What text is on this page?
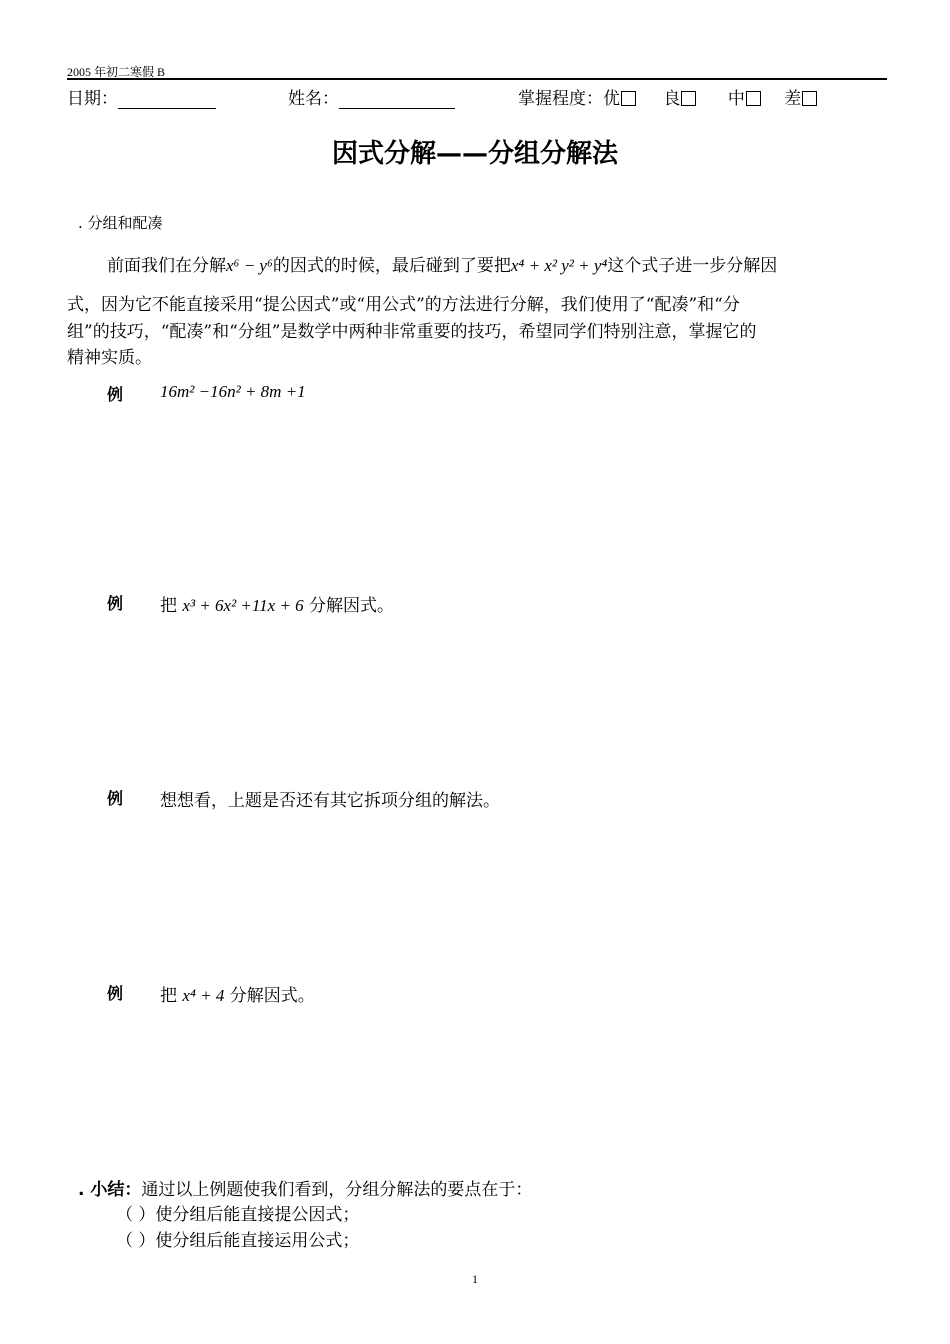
2005 年初二寒假 B
日期：	姓名：	掌握程度：优	良	中 差
因式分解——分组分解法
. 分组和配凑
前面我们在分解x⁶ − y⁶的因式的时候，最后碰到了要把x⁴ + x² y² + y⁴这个式子进一步分解因
式，因为它不能直接采用“提公因式”或“用公式”的方法进行分解，我们使用了“配凑”和“分
组”的技巧，“配凑”和“分组”是数学中两种非常重要的技巧，希望同学们特别注意，掌握它的
精神实质。
例 16m² −16n² + 8m +1
例 把 x³ + 6x² +11x + 6 分解因式。
例 想想看，上题是否还有其它拆项分组的解法。
例 把 x⁴ + 4 分解因式。
. 小结：通过以上例题使我们看到，分组分解法的要点在于：
（ ）使分组后能直接提公因式；
（ ）使分组后能直接运用公式；
1
